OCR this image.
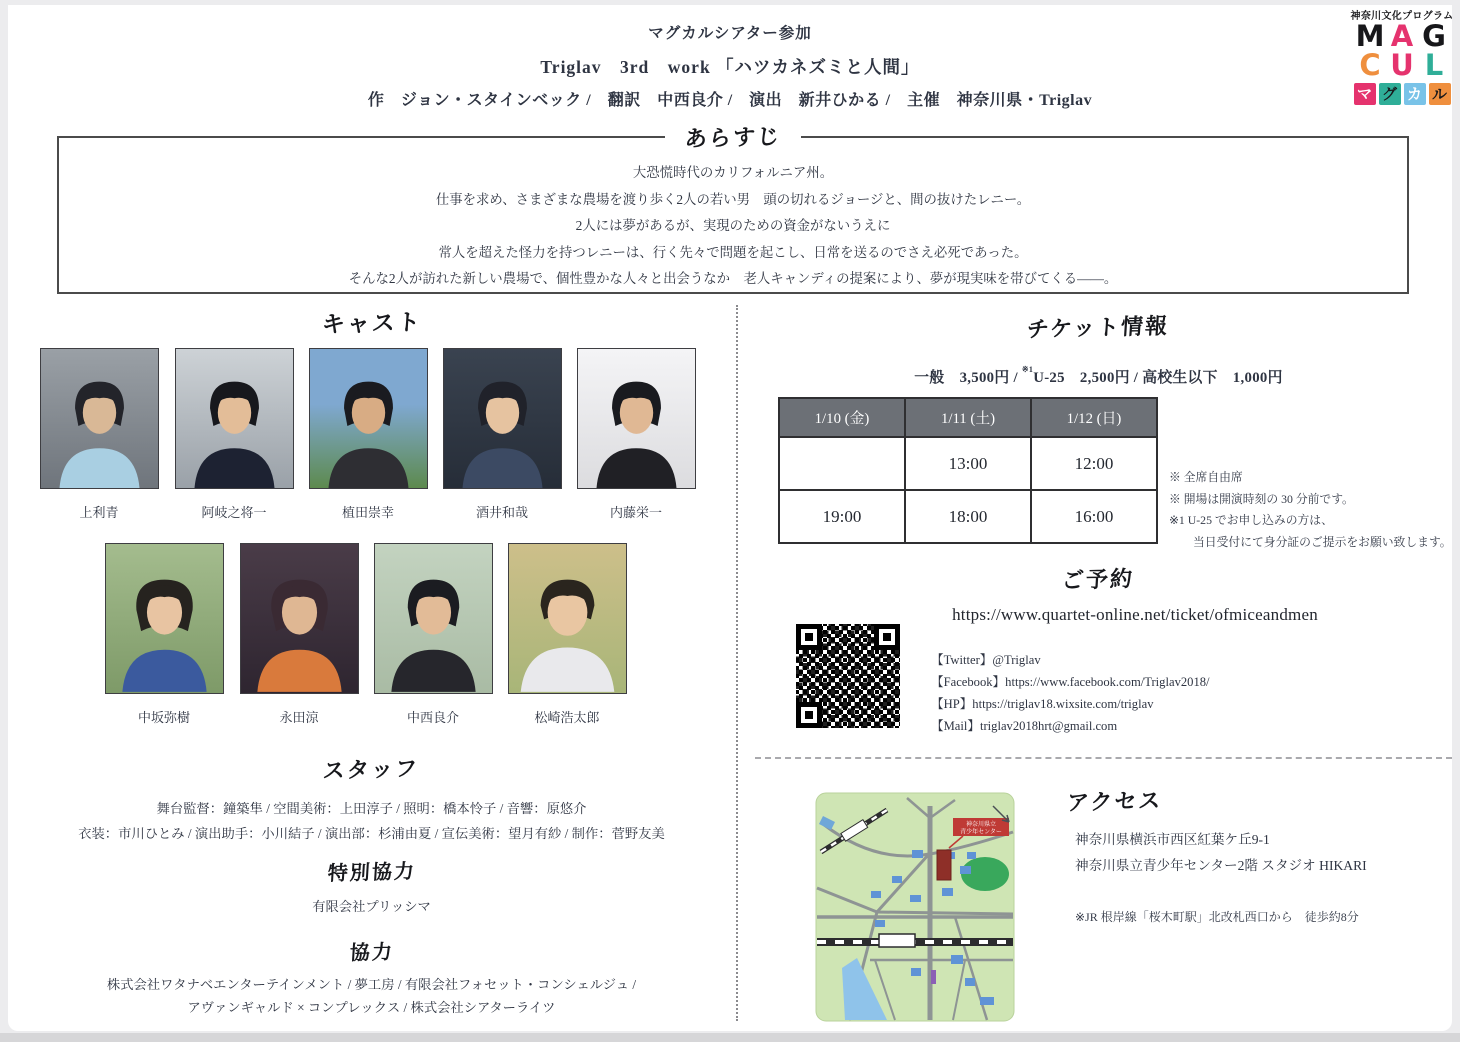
マグカルシアター参加
Triglav　3rd　work 「ハツカネズミと人間」
作　ジョン・スタインベック /　翻訳　中西良介 /　演出　新井ひかる /　主催　神奈川県・Triglav
神奈川文化プログラム
M A G
C U L
マ グ カ ル
あらすじ
大恐慌時代のカリフォルニア州。
仕事を求め、さまざまな農場を渡り歩く2人の若い男　頭の切れるジョージと、間の抜けたレニー。
2人には夢があるが、実現のための資金がないうえに
常人を超えた怪力を持つレニーは、行く先々で問題を起こし、日常を送るのでさえ必死であった。
そんな2人が訪れた新しい農場で、個性豊かな人々と出会うなか　老人キャンディの提案により、夢が現実味を帯びてくる——。
キャスト
上利青	阿岐之将一	植田崇幸	酒井和哉	内藤栄一
中坂弥樹	永田涼	中西良介	松崎浩太郎
スタッフ
舞台監督：鐘築隼 / 空間美術：上田淳子 / 照明：橋本怜子 / 音響：原悠介
衣装：市川ひとみ / 演出助手：小川結子 / 演出部：杉浦由夏 / 宣伝美術：望月有紗 / 制作：菅野友美
特別協力
有限会社プリッシマ
協力
株式会社ワタナベエンターテインメント / 夢工房 / 有限会社フォセット・コンシェルジュ /
アヴァンギャルド × コンプレックス / 株式会社シアターライツ
チケット情報
一般　3,500円 / $^{※1}$U-25　2,500円 / 高校生以下　1,000円
1/10 (金)	1/11 (土)	1/12 (日)
	13:00	12:00
19:00	18:00	16:00
※ 全席自由席
※ 開場は開演時刻の 30 分前です。
※1 U-25 でお申し込みの方は、
当日受付にて身分証のご提示をお願い致します。
ご予約
https://www.quartet-online.net/ticket/ofmiceandmen
【Twitter】@Triglav
【Facebook】https://www.facebook.com/Triglav2018/
【HP】https://triglav18.wixsite.com/triglav
【Mail】triglav2018hrt@gmail.com
アクセス
神奈川県立
青少年センター	神奈川県横浜市西区紅葉ケ丘9-1
神奈川県立青少年センター2階 スタジオ HIKARI
※JR 根岸線「桜木町駅」北改札西口から　徒歩約8分
